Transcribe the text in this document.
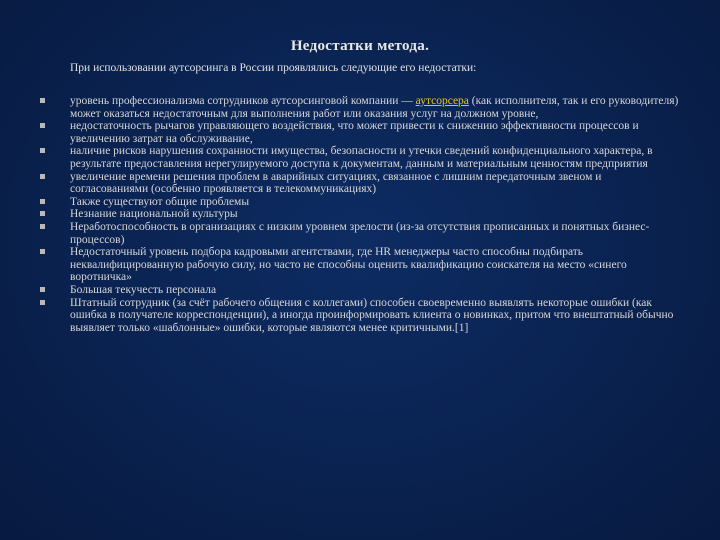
Недостатки метода.
При использовании аутсорсинга в России проявлялись следующие его недостатки:
уровень профессионализма сотрудников аутсорсинговой компании — аутсорсера (как исполнителя, так и его руководителя) может оказаться недостаточным для выполнения работ или оказания услуг на должном уровне,
недостаточность рычагов управляющего воздействия, что может привести к снижению эффективности процессов и увеличению затрат на обслуживание,
наличие рисков нарушения сохранности имущества, безопасности и утечки сведений конфиденциального характера, в результате предоставления нерегулируемого доступа к документам, данным и материальным ценностям предприятия
увеличение времени решения проблем в аварийных ситуациях, связанное с лишним передаточным звеном и согласованиями (особенно проявляется в телекоммуникациях)
Также существуют общие проблемы
Незнание национальной культуры
Неработоспособность в организациях с низким уровнем зрелости (из-за отсутствия прописанных и понятных бизнес-процессов)
Недостаточный уровень подбора кадровыми агентствами, где HR менеджеры часто способны подбирать неквалифицированную рабочую силу, но часто не способны оценить квалификацию соискателя на место «синего воротничка»
Большая текучесть персонала
Штатный сотрудник (за счёт рабочего общения с коллегами) способен своевременно выявлять некоторые ошибки (как ошибка в получателе корреспонденции), а иногда проинформировать клиента о новинках, притом что внештатный обычно выявляет только «шаблонные» ошибки, которые являются менее критичными.[1]
